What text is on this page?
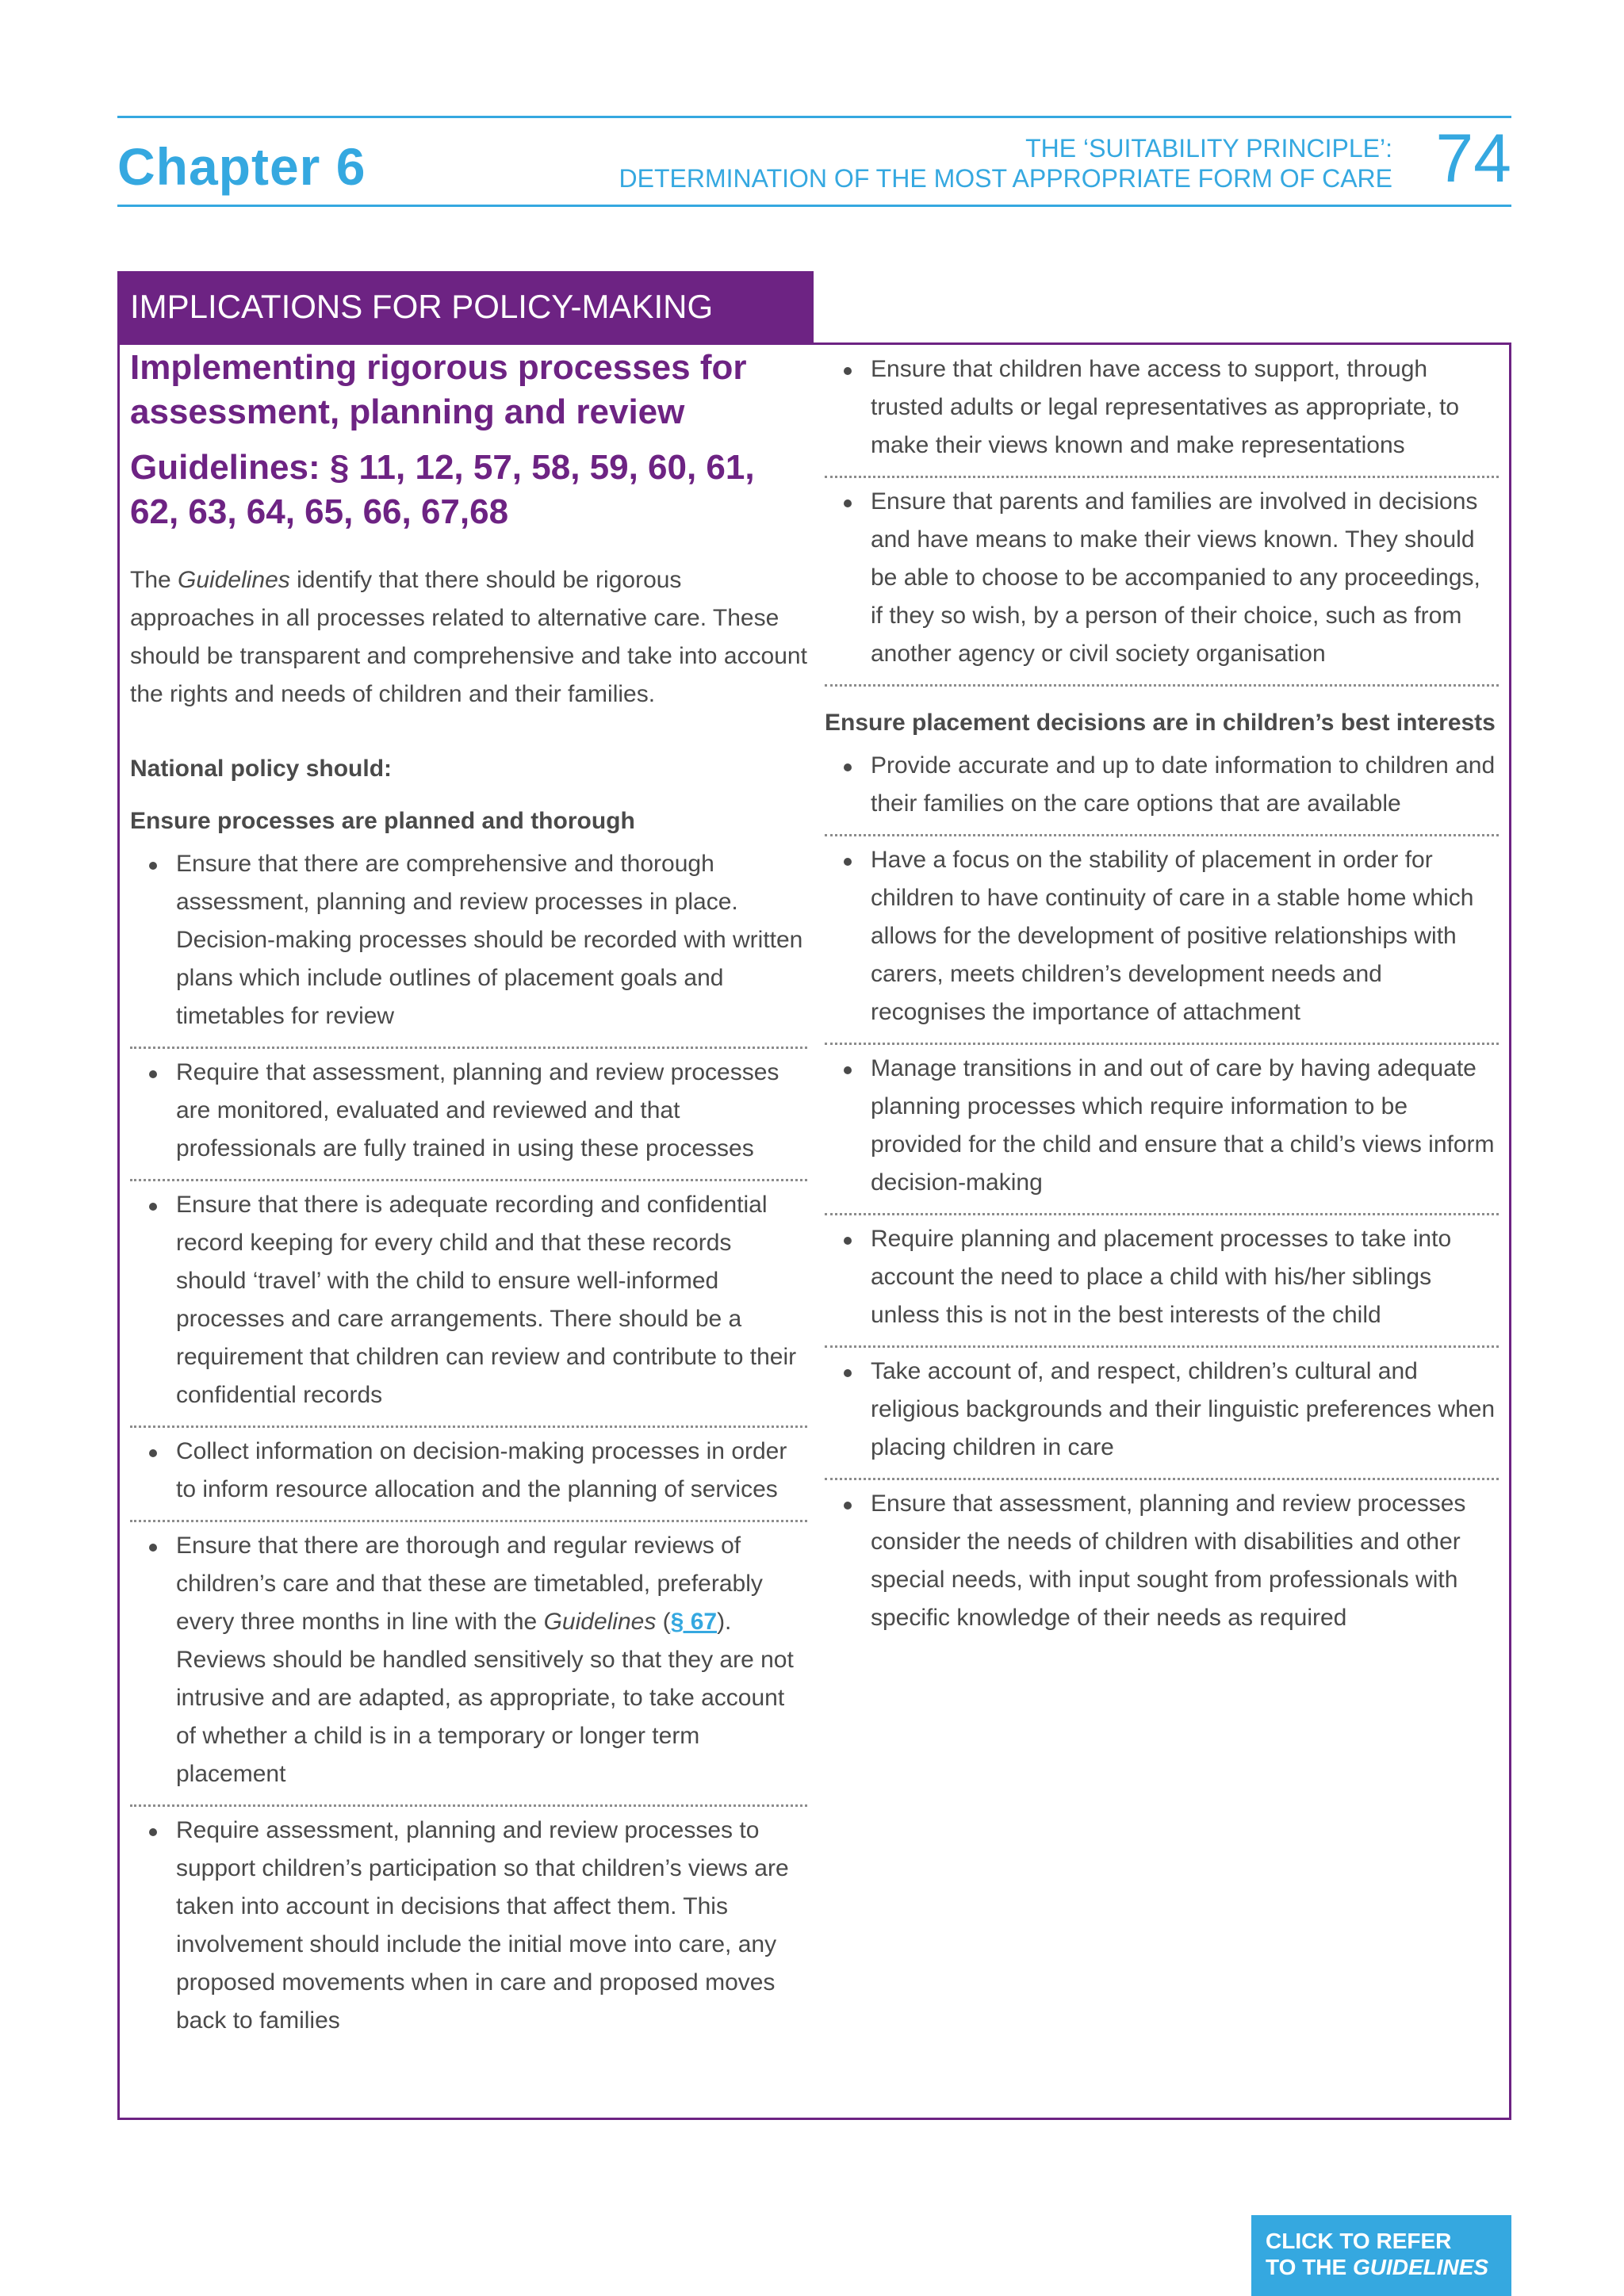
Chapter 6	THE ‘SUITABILITY PRINCIPLE’:
DETERMINATION OF THE MOST APPROPRIATE FORM OF CARE 74
IMPLICATIONS FOR POLICY-MAKING
Implementing rigorous processes for assessment, planning and review
Guidelines: § 11, 12, 57, 58, 59, 60, 61, 62, 63, 64, 65, 66, 67,68

The Guidelines identify that there should be rigorous approaches in all processes related to alternative care. These should be transparent and comprehensive and take into account the rights and needs of children and their families.

National policy should:

Ensure processes are planned and thorough

Ensure that there are comprehensive and thorough assessment, planning and review processes in place. Decision-making processes should be recorded with written plans which include outlines of placement goals and timetables for review
Require that assessment, planning and review processes are monitored, evaluated and reviewed and that professionals are fully trained in using these processes
Ensure that there is adequate recording and confidential record keeping for every child and that these records should ‘travel’ with the child to ensure well-informed processes and care arrangements. There should be a requirement that children can review and contribute to their confidential records
Collect information on decision-making processes in order to inform resource allocation and the planning of services
Ensure that there are thorough and regular reviews of children’s care and that these are timetabled, preferably every three months in line with the Guidelines (§ 67). Reviews should be handled sensitively so that they are not intrusive and are adapted, as appropriate, to take account of whether a child is in a temporary or longer term placement
Require assessment, planning and review processes to support children’s participation so that children’s views are taken into account in decisions that affect them. This involvement should include the initial move into care, any proposed movements when in care and proposed moves back to families
Ensure that children have access to support, through trusted adults or legal representatives as appropriate, to make their views known and make representations
Ensure that parents and families are involved in decisions and have means to make their views known. They should be able to choose to be accompanied to any proceedings, if they so wish, by a person of their choice, such as from another agency or civil society organisation

Ensure placement decisions are in children’s best interests

Provide accurate and up to date information to children and their families on the care options that are available
Have a focus on the stability of placement in order for children to have continuity of care in a stable home which allows for the development of positive relationships with carers, meets children’s development needs and recognises the importance of attachment
Manage transitions in and out of care by having adequate planning processes which require information to be provided for the child and ensure that a child’s views inform decision-making
Require planning and placement processes to take into account the need to place a child with his/her siblings unless this is not in the best interests of the child
Take account of, and respect, children’s cultural and religious backgrounds and their linguistic preferences when placing children in care
Ensure that assessment, planning and review processes consider the needs of children with disabilities and other special needs, with input sought from professionals with specific knowledge of their needs as required
CLICK TO REFER
TO THE GUIDELINES
